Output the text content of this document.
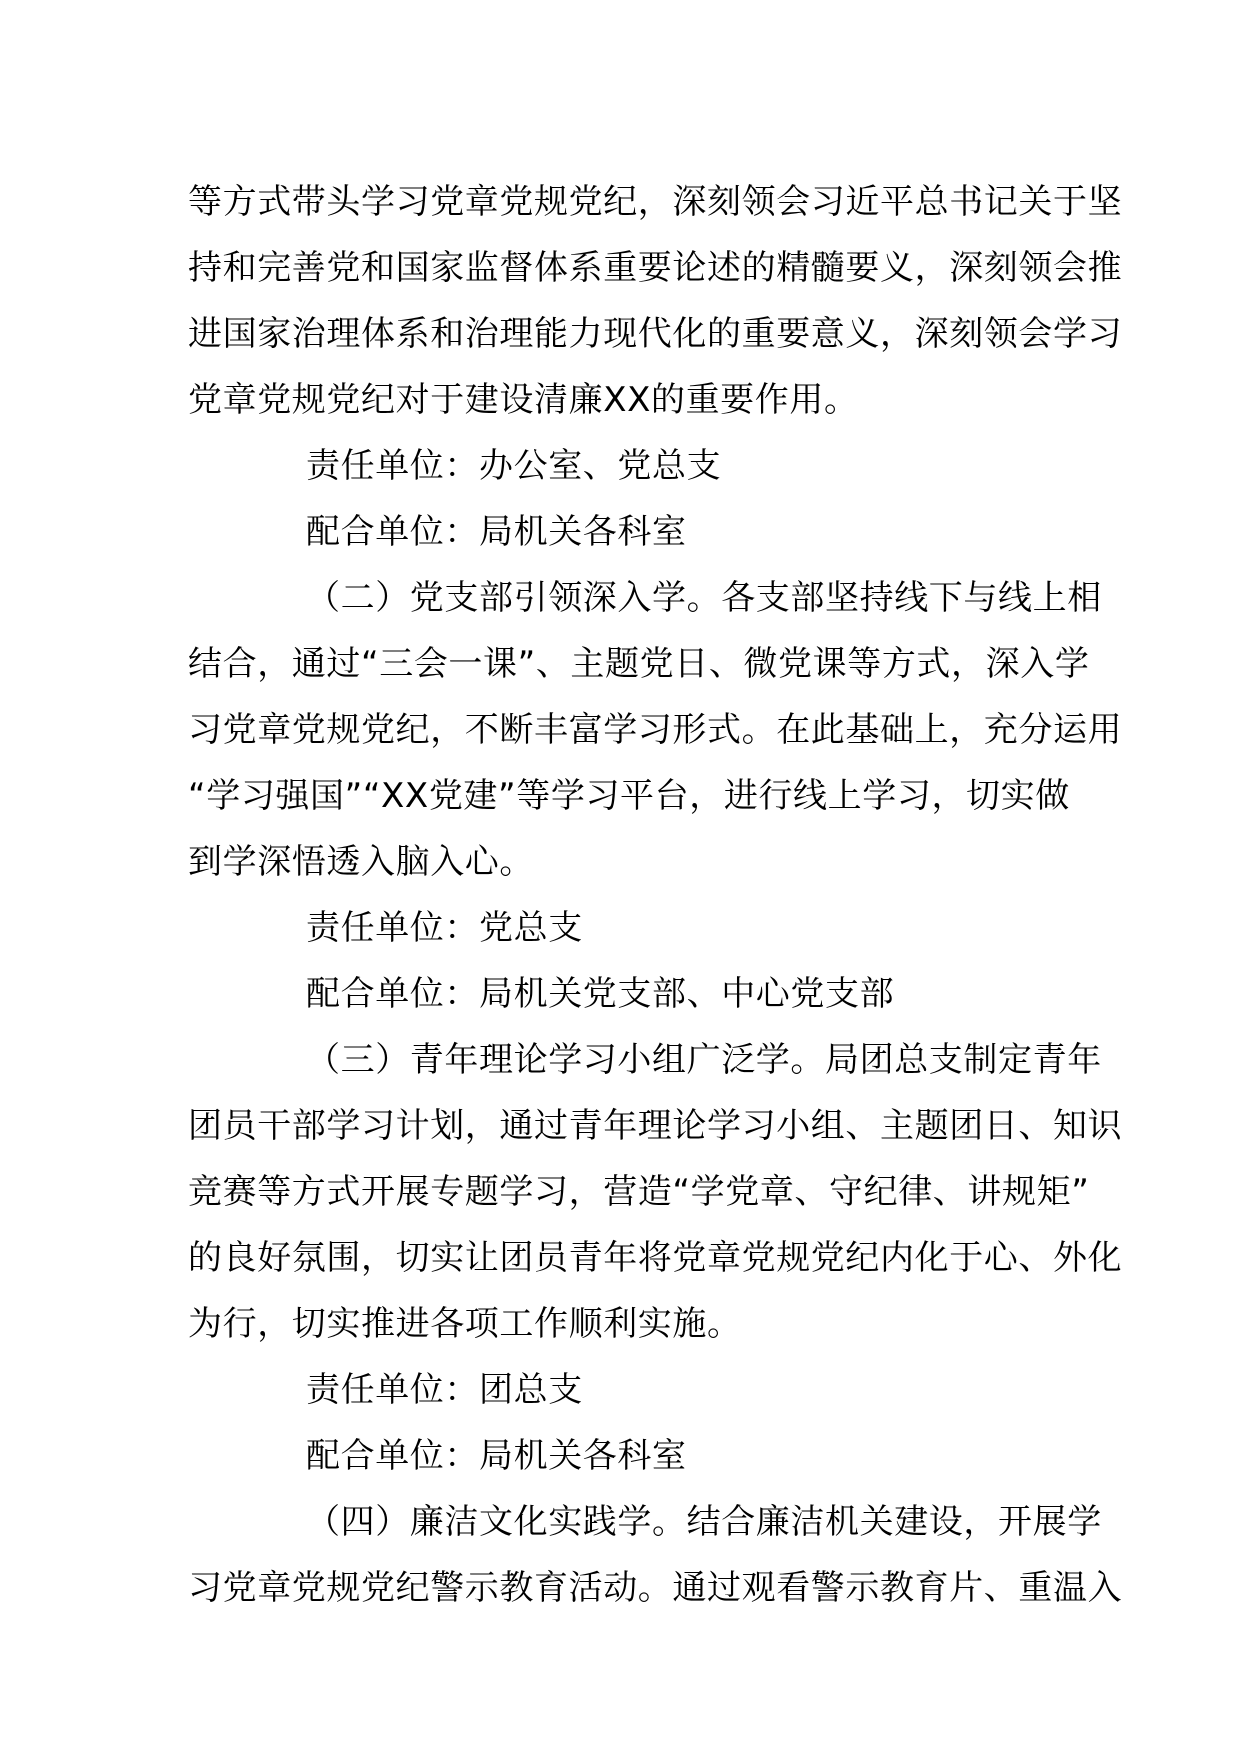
等方式带头学习党章党规党纪，深刻领会习近平总书记关于坚
持和完善党和国家监督体系重要论述的精髓要义，深刻领会推
进国家治理体系和治理能力现代化的重要意义，深刻领会学习
党章党规党纪对于建设清廉XX的重要作用。
责任单位：办公室、党总支
配合单位：局机关各科室
（二）党支部引领深入学。各支部坚持线下与线上相
结合，通过“三会一课”、主题党日、微党课等方式，深入学
习党章党规党纪，不断丰富学习形式。在此基础上，充分运用
“学习强国”“XX党建”等学习平台，进行线上学习，切实做
到学深悟透入脑入心。
责任单位：党总支
配合单位：局机关党支部、中心党支部
（三）青年理论学习小组广泛学。局团总支制定青年
团员干部学习计划，通过青年理论学习小组、主题团日、知识
竞赛等方式开展专题学习，营造“学党章、守纪律、讲规矩”
的良好氛围，切实让团员青年将党章党规党纪内化于心、外化
为行，切实推进各项工作顺利实施。
责任单位：团总支
配合单位：局机关各科室
（四）廉洁文化实践学。结合廉洁机关建设，开展学
习党章党规党纪警示教育活动。通过观看警示教育片、重温入
